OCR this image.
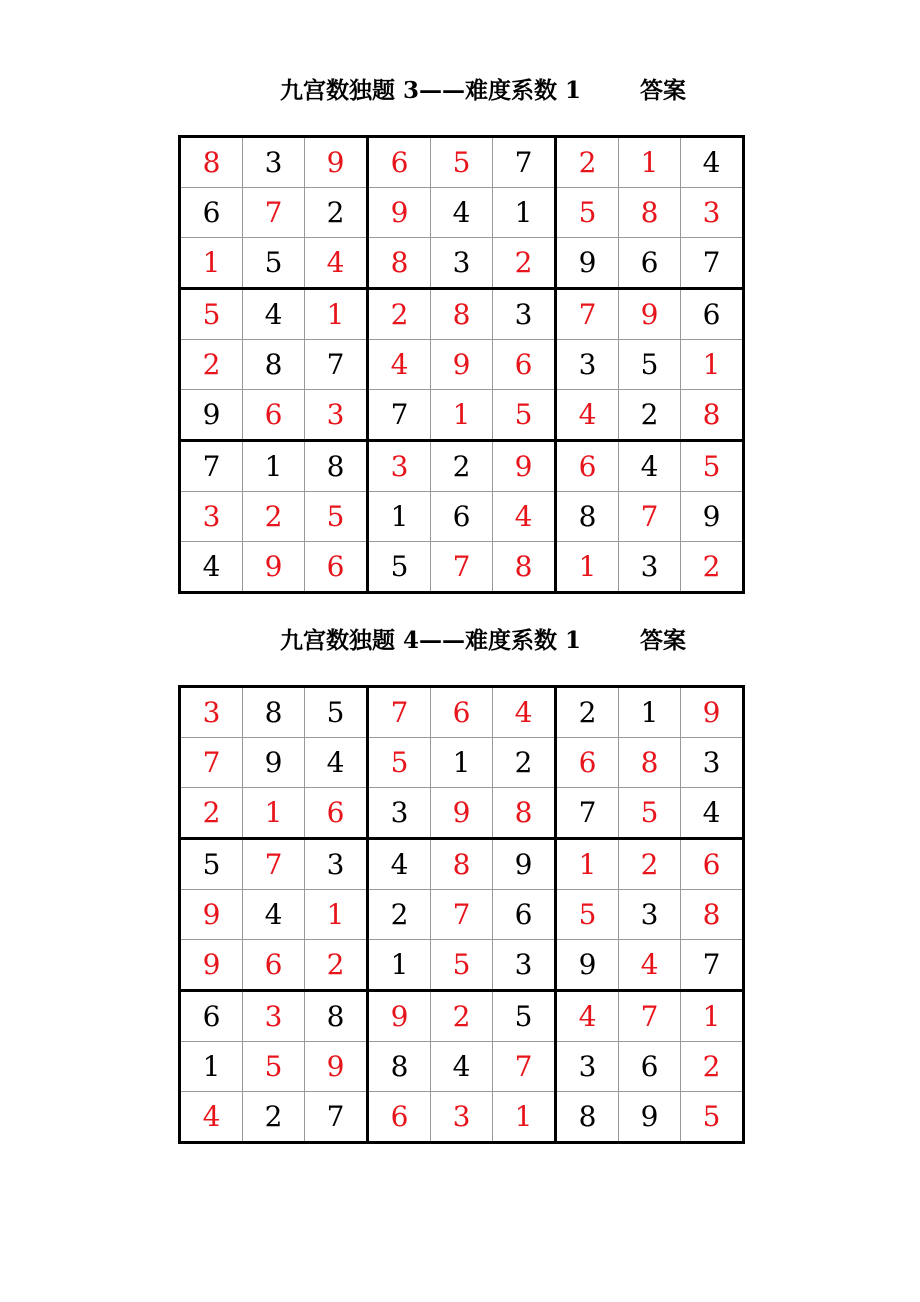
九宫数独题 3——难度系数 1	答案
8	3	9	6	5	7	2	1	4
6	7	2	9	4	1	5	8	3
1	5	4	8	3	2	9	6	7
5	4	1	2	8	3	7	9	6
2	8	7	4	9	6	3	5	1
9	6	3	7	1	5	4	2	8
7	1	8	3	2	9	6	4	5
3	2	5	1	6	4	8	7	9
4	9	6	5	7	8	1	3	2
九宫数独题 4——难度系数 1	答案
3	8	5	7	6	4	2	1	9
7	9	4	5	1	2	6	8	3
2	1	6	3	9	8	7	5	4
5	7	3	4	8	9	1	2	6
9	4	1	2	7	6	5	3	8
9	6	2	1	5	3	9	4	7
6	3	8	9	2	5	4	7	1
1	5	9	8	4	7	3	6	2
4	2	7	6	3	1	8	9	5
